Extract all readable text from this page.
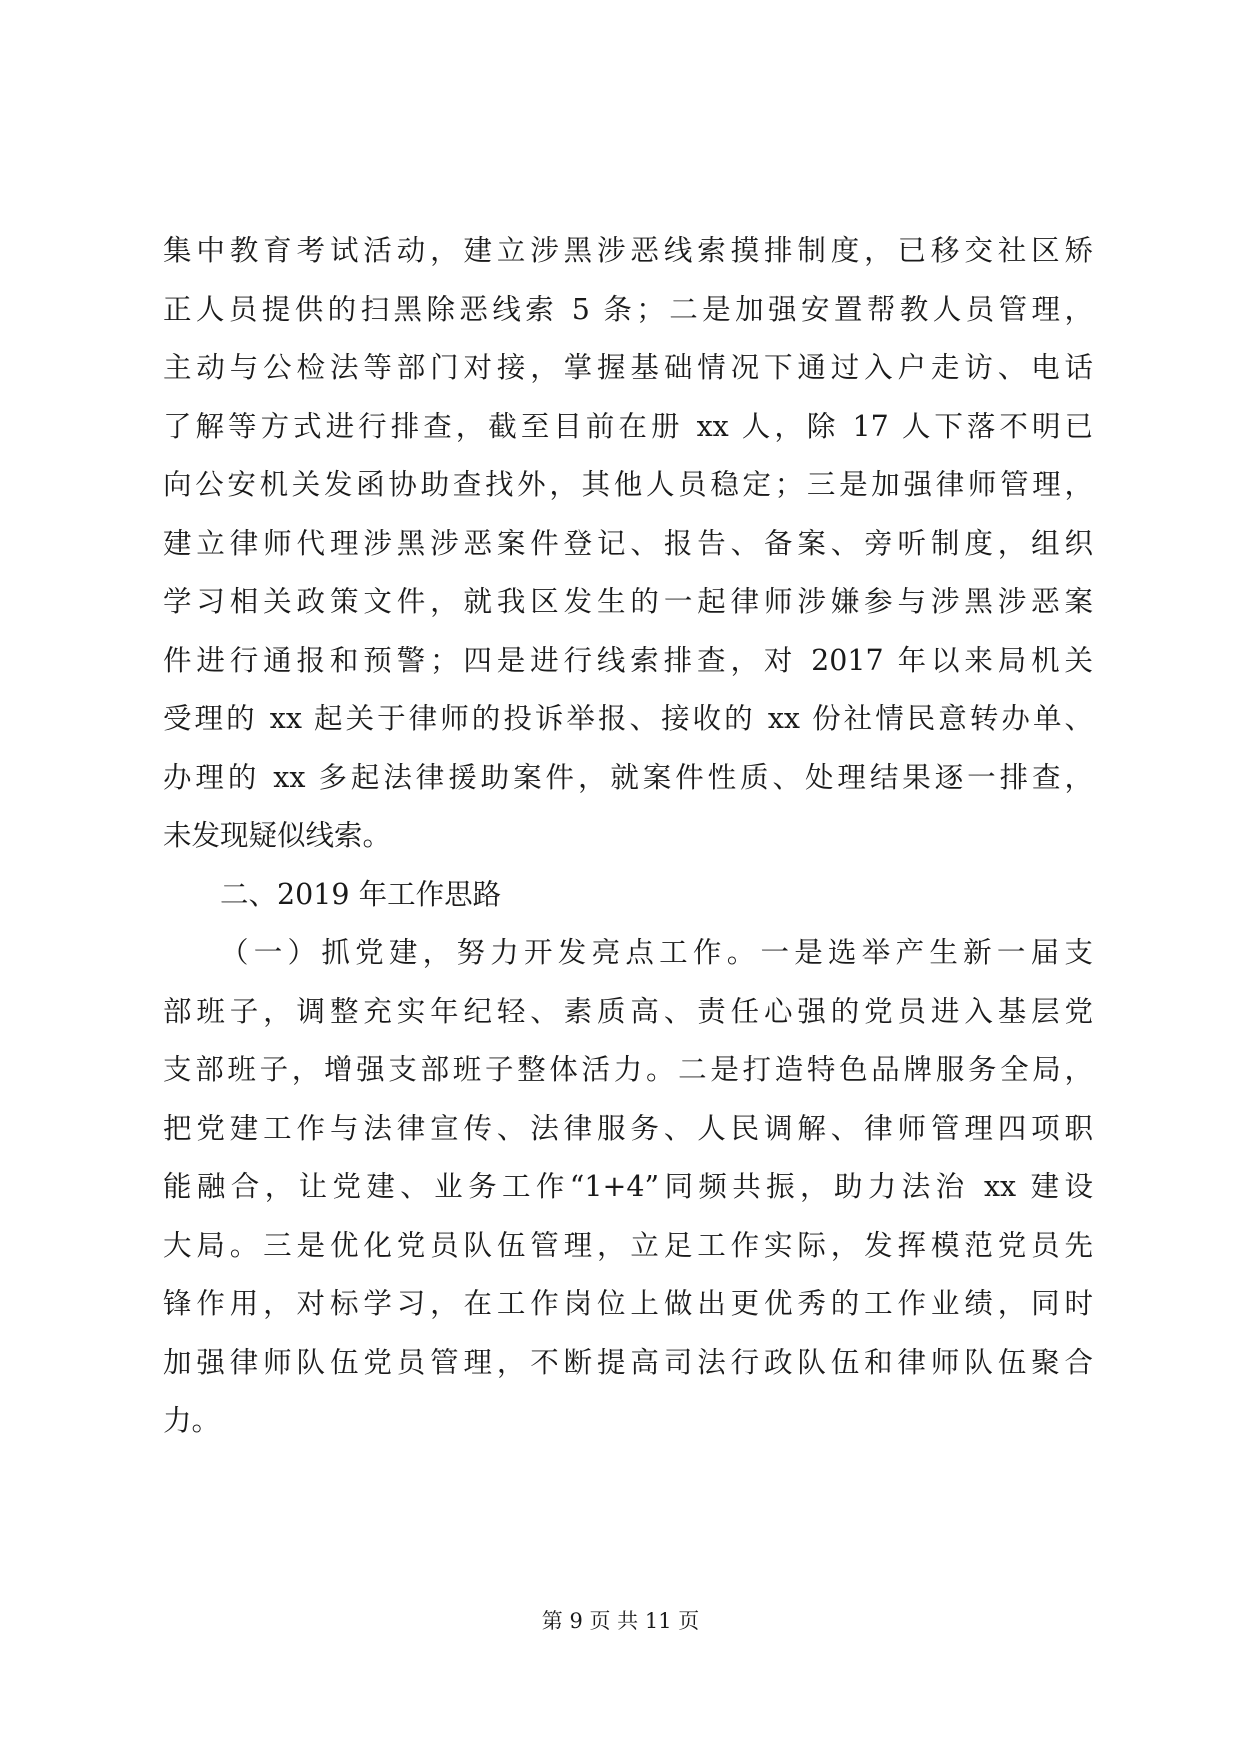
集中教育考试活动，建立涉黑涉恶线索摸排制度，已移交社区矫
正人员提供的扫黑除恶线索 5 条；二是加强安置帮教人员管理，
主动与公检法等部门对接，掌握基础情况下通过入户走访、电话
了解等方式进行排查，截至目前在册 xx 人，除 17 人下落不明已
向公安机关发函协助查找外，其他人员稳定；三是加强律师管理，
建立律师代理涉黑涉恶案件登记、报告、备案、旁听制度，组织
学习相关政策文件，就我区发生的一起律师涉嫌参与涉黑涉恶案
件进行通报和预警；四是进行线索排查，对 2017 年以来局机关
受理的 xx 起关于律师的投诉举报、接收的 xx 份社情民意转办单、
办理的 xx 多起法律援助案件，就案件性质、处理结果逐一排查，
未发现疑似线索。
二、2019 年工作思路
（一）抓党建，努力开发亮点工作。一是选举产生新一届支
部班子，调整充实年纪轻、素质高、责任心强的党员进入基层党
支部班子，增强支部班子整体活力。二是打造特色品牌服务全局，
把党建工作与法律宣传、法律服务、人民调解、律师管理四项职
能融合，让党建、业务工作“1+4”同频共振，助力法治 xx 建设
大局。三是优化党员队伍管理，立足工作实际，发挥模范党员先
锋作用，对标学习，在工作岗位上做出更优秀的工作业绩，同时
加强律师队伍党员管理，不断提高司法行政队伍和律师队伍聚合
力。
第 9 页 共 11 页
